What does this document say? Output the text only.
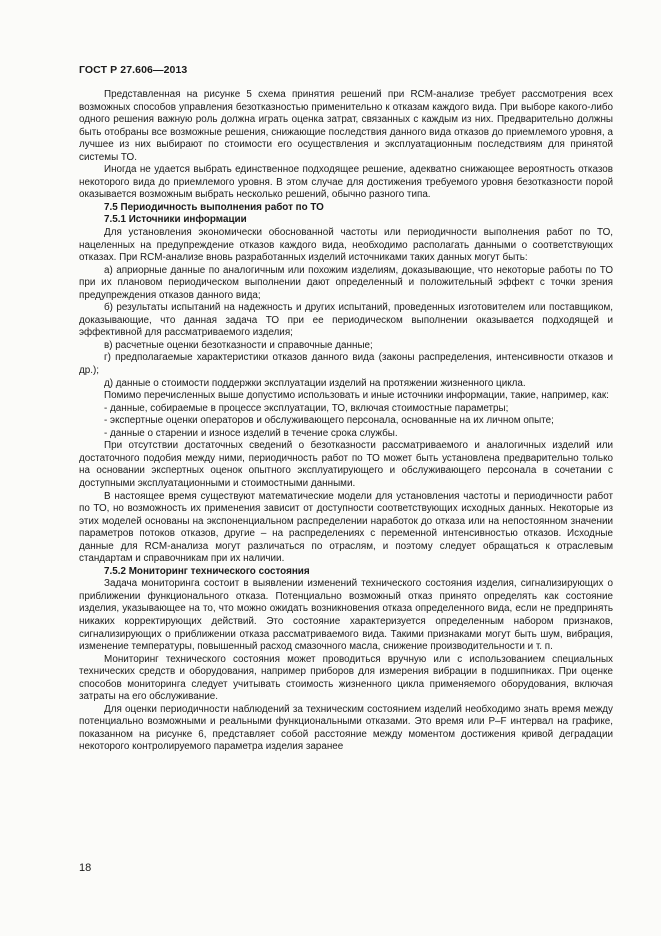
ГОСТ Р 27.606—2013

Представленная на рисунке 5 схема принятия решений при RCM-анализе требует рассмотрения всех возможных способов управления безотказностью применительно к отказам каждого вида. При выборе какого-либо одного решения важную роль должна играть оценка затрат, связанных с каждым из них. Предварительно должны быть отобраны все возможные решения, снижающие последствия данного вида отказов до приемлемого уровня, а лучшее из них выбирают по стоимости его осуществления и эксплуатационным последствиям для принятой системы ТО.

Иногда не удается выбрать единственное подходящее решение, адекватно снижающее вероятность отказов некоторого вида до приемлемого уровня. В этом случае для достижения требуемого уровня безотказности порой оказывается возможным выбрать несколько решений, обычно разного типа.

7.5 Периодичность выполнения работ по ТО

7.5.1 Источники информации

Для установления экономически обоснованной частоты или периодичности выполнения работ по ТО, нацеленных на предупреждение отказов каждого вида, необходимо располагать данными о соответствующих отказах. При RCM-анализе вновь разработанных изделий источниками таких данных могут быть:

а) априорные данные по аналогичным или похожим изделиям, доказывающие, что некоторые работы по ТО при их плановом периодическом выполнении дают определенный и положительный эффект с точки зрения предупреждения отказов данного вида;

б) результаты испытаний на надежность и других испытаний, проведенных изготовителем или поставщиком, доказывающие, что данная задача ТО при ее периодическом выполнении оказывается подходящей и эффективной для рассматриваемого изделия;

в) расчетные оценки безотказности и справочные данные;

г) предполагаемые характеристики отказов данного вида (законы распределения, интенсивности отказов и др.);

д) данные о стоимости поддержки эксплуатации изделий на протяжении жизненного цикла.

Помимо перечисленных выше допустимо использовать и иные источники информации, такие, например, как:

- данные, собираемые в процессе эксплуатации, ТО, включая стоимостные параметры;

- экспертные оценки операторов и обслуживающего персонала, основанные на их личном опыте;

- данные о старении и износе изделий в течение срока службы.

При отсутствии достаточных сведений о безотказности рассматриваемого и аналогичных изделий или достаточного подобия между ними, периодичность работ по ТО может быть установлена предварительно только на основании экспертных оценок опытного эксплуатирующего и обслуживающего персонала в сочетании с доступными эксплуатационными и стоимостными данными.

В настоящее время существуют математические модели для установления частоты и периодичности работ по ТО, но возможность их применения зависит от доступности соответствующих исходных данных. Некоторые из этих моделей основаны на экспоненциальном распределении наработок до отказа или на непостоянном значении параметров потоков отказов, другие – на распределениях с переменной интенсивностью отказов. Исходные данные для RCM-анализа могут различаться по отраслям, и поэтому следует обращаться к отраслевым стандартам и справочникам при их наличии.

7.5.2 Мониторинг технического состояния

Задача мониторинга состоит в выявлении изменений технического состояния изделия, сигнализирующих о приближении функционального отказа. Потенциально возможный отказ принято определять как состояние изделия, указывающее на то, что можно ожидать возникновения отказа определенного вида, если не предпринять никаких корректирующих действий. Это состояние характеризуется определенным набором признаков, сигнализирующих о приближении отказа рассматриваемого вида. Такими признаками могут быть шум, вибрация, изменение температуры, повышенный расход смазочного масла, снижение производительности и т. п.

Мониторинг технического состояния может проводиться вручную или с использованием специальных технических средств и оборудования, например приборов для измерения вибрации в подшипниках. При оценке способов мониторинга следует учитывать стоимость жизненного цикла применяемого оборудования, включая затраты на его обслуживание.

Для оценки периодичности наблюдений за техническим состоянием изделий необходимо знать время между потенциально возможными и реальными функциональными отказами. Это время или P–F интервал на графике, показанном на рисунке 6, представляет собой расстояние между моментом достижения кривой деградации некоторого контролируемого параметра изделия заранее

18
